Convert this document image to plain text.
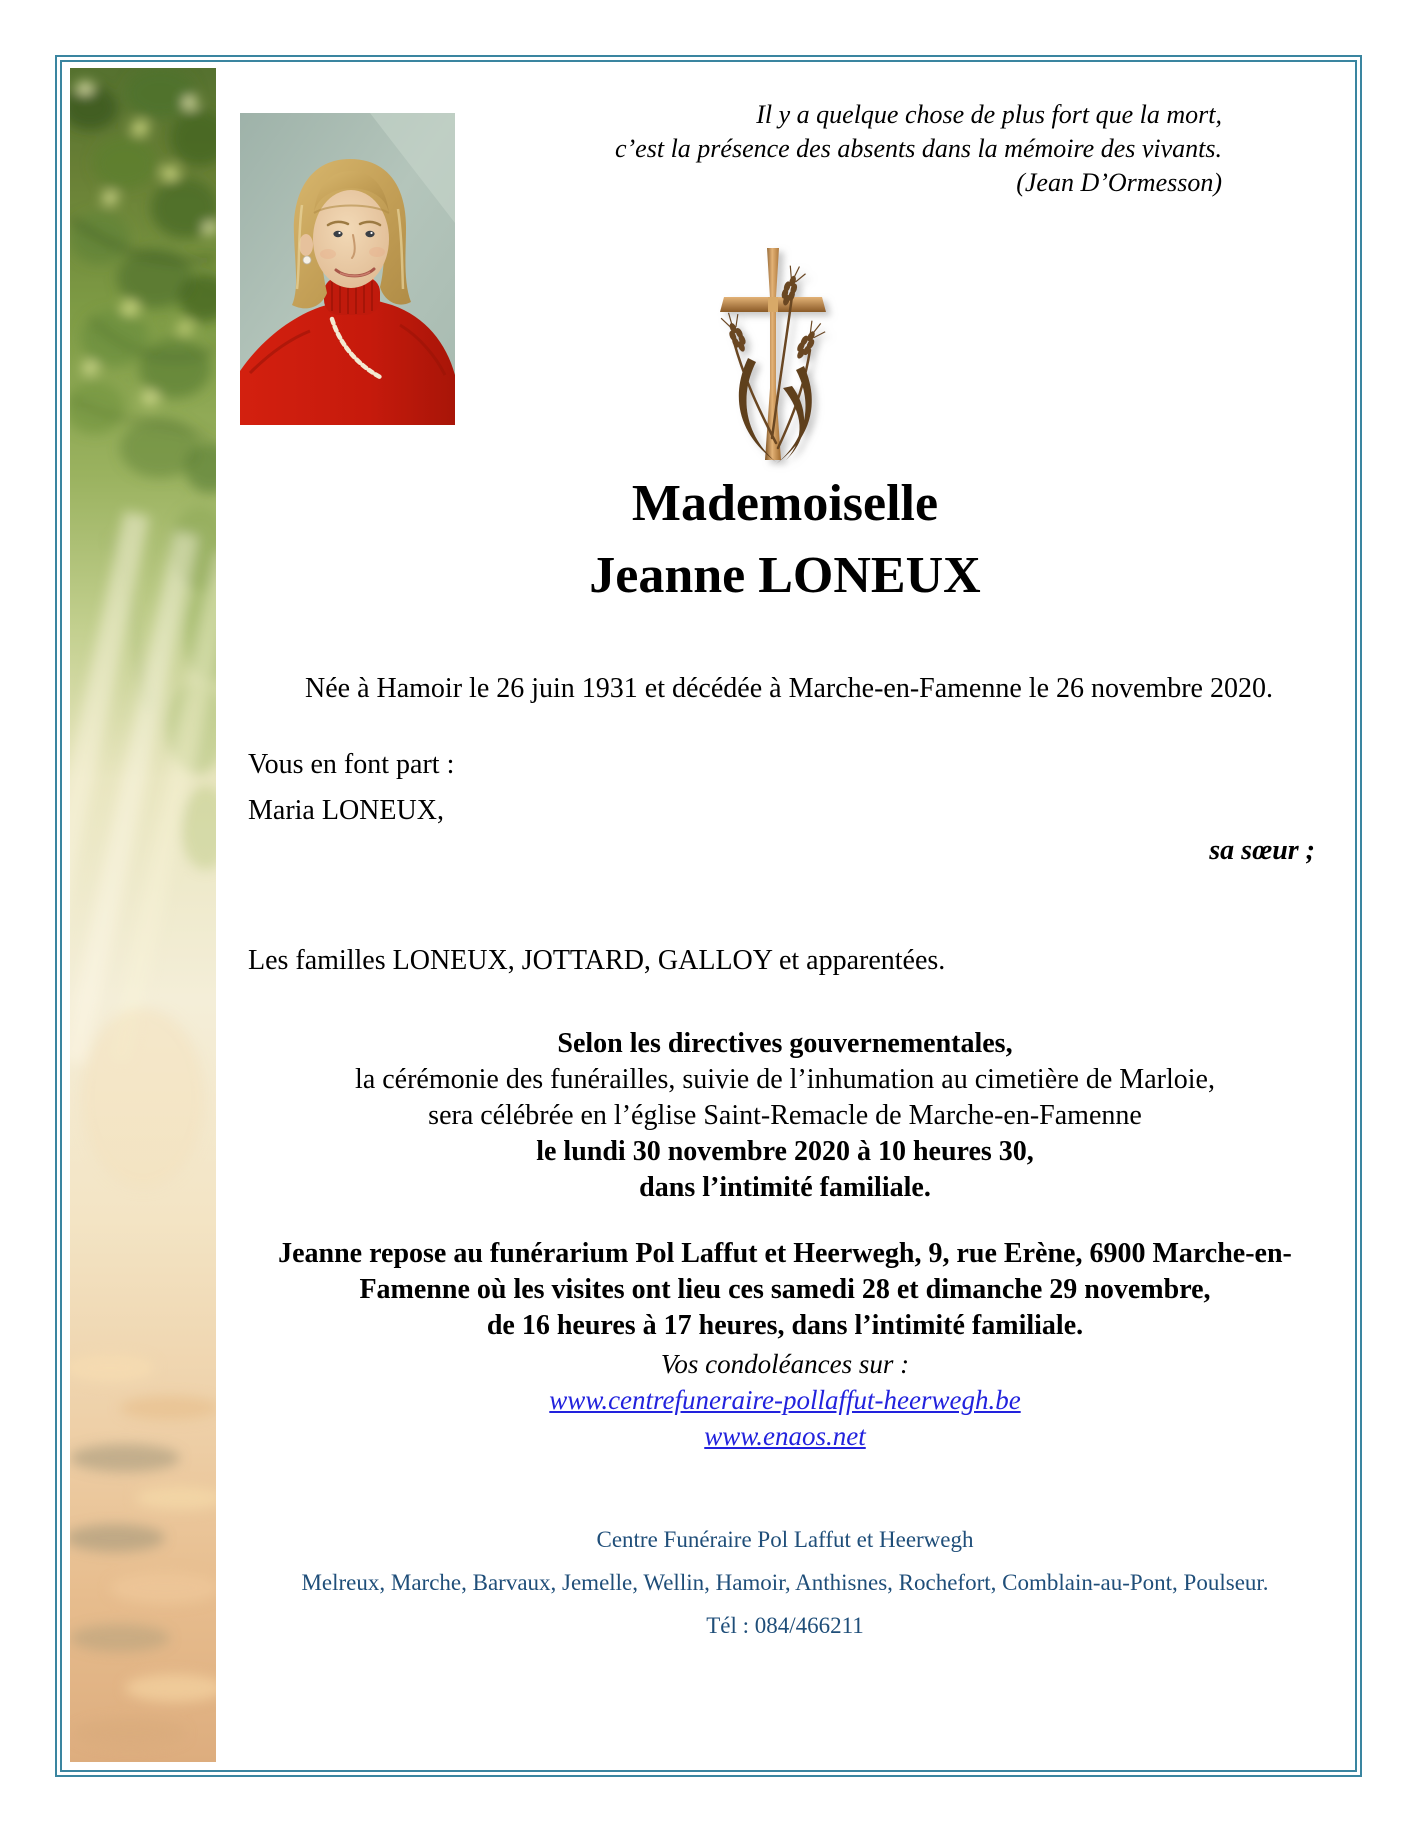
Il y a quelque chose de plus fort que la mort,
c’est la présence des absents dans la mémoire des vivants.
(Jean D’Ormesson)
Mademoiselle
Jeanne LONEUX
Née à Hamoir le 26 juin 1931 et décédée à Marche-en-Famenne le 26 novembre 2020.
Vous en font part :
Maria LONEUX,
sa sœur ;
Les familles LONEUX, JOTTARD, GALLOY et apparentées.
Selon les directives gouvernementales,
la cérémonie des funérailles, suivie de l’inhumation au cimetière de Marloie,
sera célébrée en l’église Saint-Remacle de Marche-en-Famenne
le lundi 30 novembre 2020 à 10 heures 30,
dans l’intimité familiale.
Jeanne repose au funérarium Pol Laffut et Heerwegh, 9, rue Erène, 6900 Marche-en-
Famenne où les visites ont lieu ces samedi 28 et dimanche 29 novembre,
de 16 heures à 17 heures, dans l’intimité familiale.
Vos condoléances sur :
www.centrefuneraire-pollaffut-heerwegh.be
www.enaos.net
Centre Funéraire Pol Laffut et Heerwegh
Melreux, Marche, Barvaux, Jemelle, Wellin, Hamoir, Anthisnes, Rochefort, Comblain-au-Pont, Poulseur.
Tél : 084/466211
